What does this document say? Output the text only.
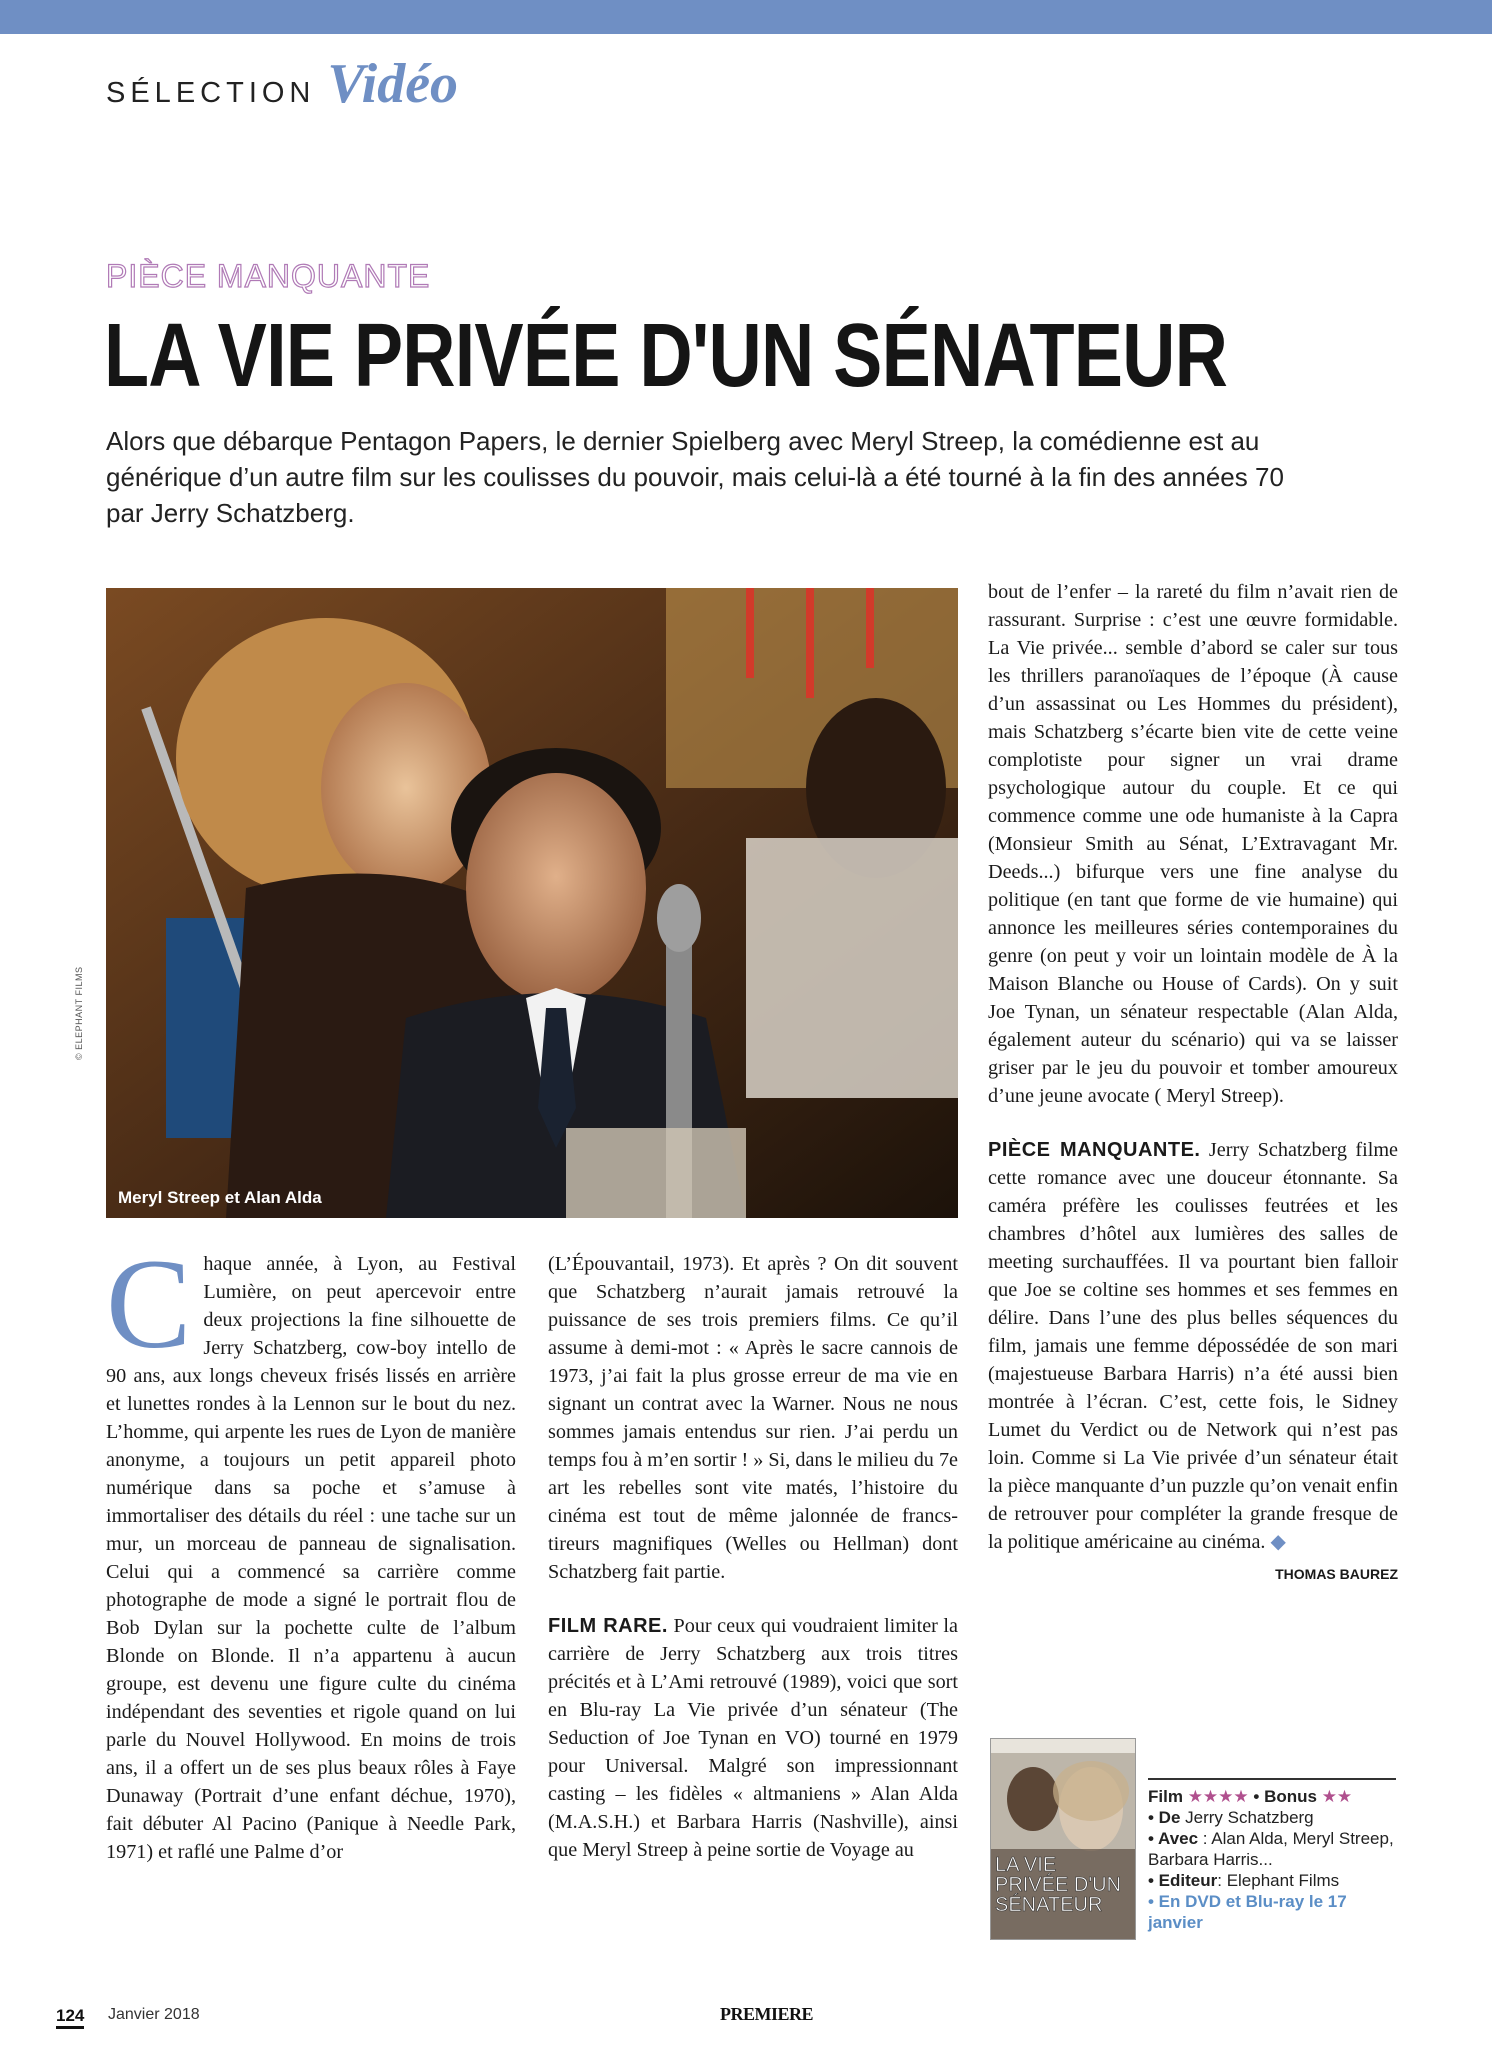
SÉLECTION Vidéo
PIÈCE MANQUANTE
LA VIE PRIVÉE D'UN SÉNATEUR
Alors que débarque Pentagon Papers, le dernier Spielberg avec Meryl Streep, la comédienne est au générique d’un autre film sur les coulisses du pouvoir, mais celui-là a été tourné à la fin des années 70 par Jerry Schatzberg.
Meryl Streep et Alan Alda
© ELEPHANT FILMS

Chaque année, à Lyon, au Festival Lumière, on peut apercevoir entre deux projections la fine silhouette de Jerry Schatzberg, cow-boy intello de 90 ans, aux longs cheveux frisés lissés en arrière et lunettes rondes à la Lennon sur le bout du nez. L’homme, qui arpente les rues de Lyon de manière anonyme, a toujours un petit appareil photo numérique dans sa poche et s’amuse à immortaliser des détails du réel : une tache sur un mur, un morceau de panneau de signalisation. Celui qui a commencé sa carrière comme photographe de mode a signé le portrait flou de Bob Dylan sur la pochette culte de l’album Blonde on Blonde. Il n’a appartenu à aucun groupe, est devenu une figure culte du cinéma indépendant des seventies et rigole quand on lui parle du Nouvel Hollywood. En moins de trois ans, il a offert un de ses plus beaux rôles à Faye Dunaway (Portrait d’une enfant déchue, 1970), fait débuter Al Pacino (Panique à Needle Park, 1971) et raflé une Palme d’or

(L’Épouvantail, 1973). Et après ? On dit souvent que Schatzberg n’aurait jamais retrouvé la puissance de ses trois premiers films. Ce qu’il assume à demi-mot : « Après le sacre cannois de 1973, j’ai fait la plus grosse erreur de ma vie en signant un contrat avec la Warner. Nous ne nous sommes jamais entendus sur rien. J’ai perdu un temps fou à m’en sortir ! » Si, dans le milieu du 7e art les rebelles sont vite matés, l’histoire du cinéma est tout de même jalonnée de francs-tireurs magnifiques (Welles ou Hellman) dont Schatzberg fait partie.

FILM RARE. Pour ceux qui voudraient limiter la carrière de Jerry Schatzberg aux trois titres précités et à L’Ami retrouvé (1989), voici que sort en Blu-ray La Vie privée d’un sénateur (The Seduction of Joe Tynan en VO) tourné en 1979 pour Universal. Malgré son impressionnant casting – les fidèles « altmaniens » Alan Alda (M.A.S.H.) et Barbara Harris (Nashville), ainsi que Meryl Streep à peine sortie de Voyage au

bout de l’enfer – la rareté du film n’avait rien de rassurant. Surprise : c’est une œuvre formidable. La Vie privée... semble d’abord se caler sur tous les thrillers paranoïaques de l’époque (À cause d’un assassinat ou Les Hommes du président), mais Schatzberg s’écarte bien vite de cette veine complotiste pour signer un vrai drame psychologique autour du couple. Et ce qui commence comme une ode humaniste à la Capra (Monsieur Smith au Sénat, L’Extravagant Mr. Deeds...) bifurque vers une fine analyse du politique (en tant que forme de vie humaine) qui annonce les meilleures séries contemporaines du genre (on peut y voir un lointain modèle de À la Maison Blanche ou House of Cards). On y suit Joe Tynan, un sénateur respectable (Alan Alda, également auteur du scénario) qui va se laisser griser par le jeu du pouvoir et tomber amoureux d’une jeune avocate ( Meryl Streep).

PIÈCE MANQUANTE. Jerry Schatzberg filme cette romance avec une douceur étonnante. Sa caméra préfère les coulisses feutrées et les chambres d’hôtel aux lumières des salles de meeting surchauffées. Il va pourtant bien falloir que Joe se coltine ses hommes et ses femmes en délire. Dans l’une des plus belles séquences du film, jamais une femme dépossédée de son mari (majestueuse Barbara Harris) n’a été aussi bien montrée à l’écran. C’est, cette fois, le Sidney Lumet du Verdict ou de Network qui n’est pas loin. Comme si La Vie privée d’un sénateur était la pièce manquante d’un puzzle qu’on venait enfin de retrouver pour compléter la grande fresque de la politique américaine au cinéma. ◆
THOMAS BAUREZ

LA VIE PRIVÉE D'UN SÉNATEUR
Film ★★★★ • Bonus ★★
• De Jerry Schatzberg
• Avec : Alan Alda, Meryl Streep, Barbara Harris...
• Editeur: Elephant Films
• En DVD et Blu-ray le 17 janvier
124 Janvier 2018	PREMIERE
